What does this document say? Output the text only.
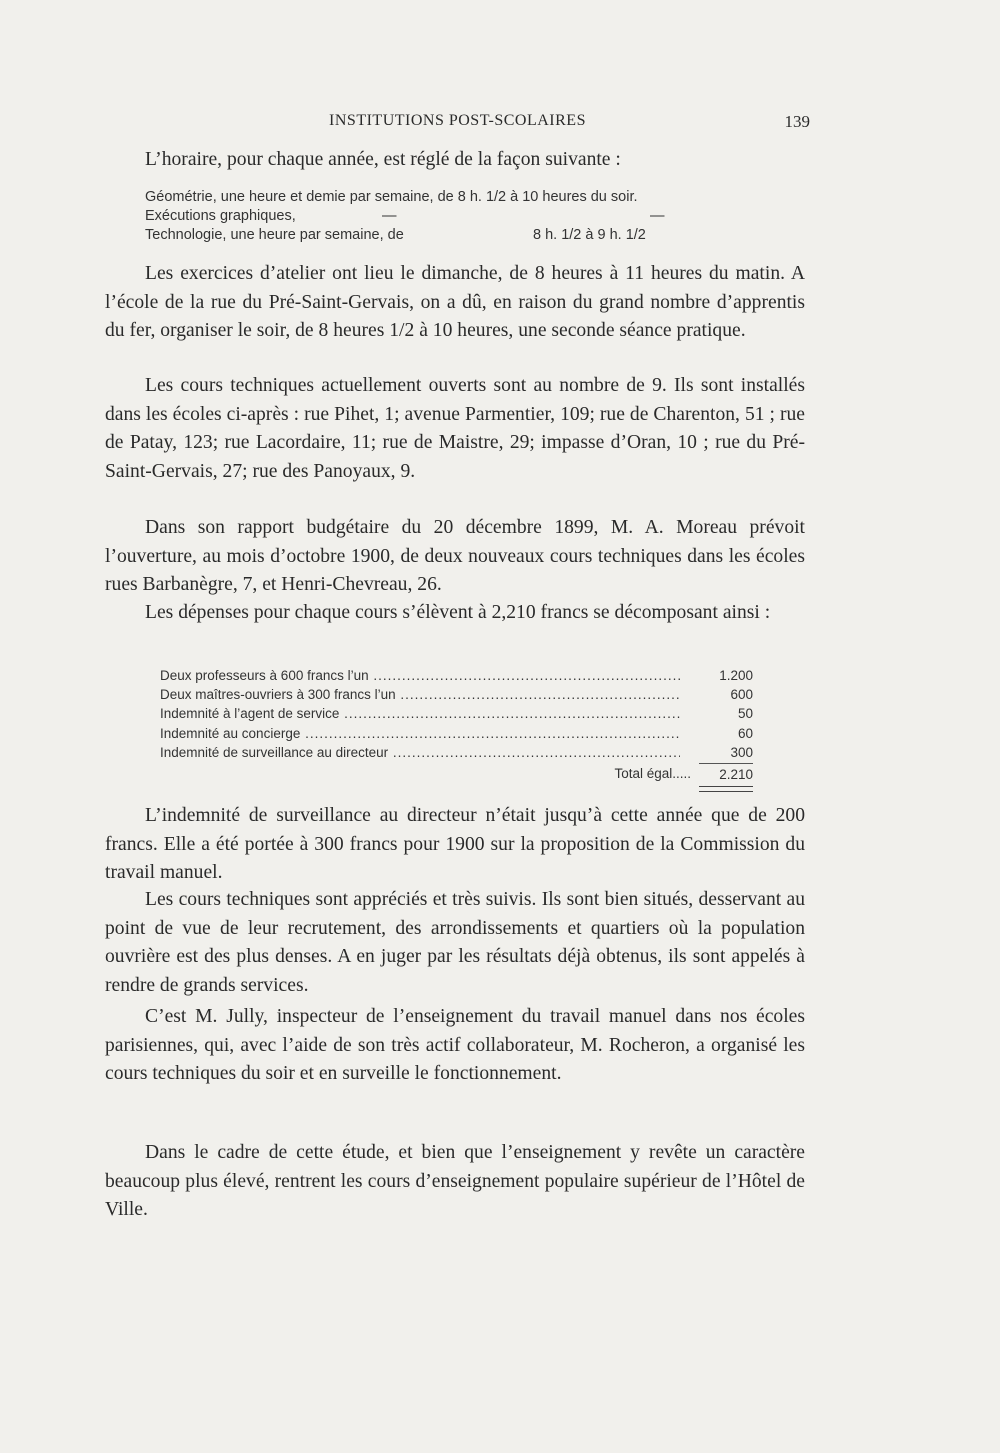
INSTITUTIONS POST-SCOLAIRES	139

L’horaire, pour chaque année, est réglé de la façon suivante :

Géométrie, une heure et demie par semaine, de 8 h. 1/2 à 10 heures du soir.
Exécutions graphiques,	—	—
Technologie, une heure par semaine, de	8 h. 1/2 à 9 h. 1/2

Les exercices d’atelier ont lieu le dimanche, de 8 heures à 11 heures du matin. A l’école de la rue du Pré-Saint-Gervais, on a dû, en raison du grand nombre d’apprentis du fer, organiser le soir, de 8 heures 1/2 à 10 heures, une seconde séance pratique.

Les cours techniques actuellement ouverts sont au nombre de 9. Ils sont installés dans les écoles ci-après : rue Pihet, 1; avenue Parmentier, 109; rue de Charenton, 51 ; rue de Patay, 123; rue Lacordaire, 11; rue de Maistre, 29; impasse d’Oran, 10 ; rue du Pré-Saint-Gervais, 27; rue des Panoyaux, 9.

Dans son rapport budgétaire du 20 décembre 1899, M. A. Moreau prévoit l’ouverture, au mois d’octobre 1900, de deux nouveaux cours techniques dans les écoles rues Barbanègre, 7, et Henri-Chevreau, 26.

Les dépenses pour chaque cours s’élèvent à 2,210 francs se décomposant ainsi :

Deux professeurs à 600 francs l’un .....	1.200
Deux maîtres-ouvriers à 300 francs l’un .....	600
Indemnité à l’agent de service .....	50
Indemnité au concierge .....	60
Indemnité de surveillance au directeur .....	300
Total égal.....	2.210

L’indemnité de surveillance au directeur n’était jusqu’à cette année que de 200 francs. Elle a été portée à 300 francs pour 1900 sur la proposition de la Commission du travail manuel.

Les cours techniques sont appréciés et très suivis. Ils sont bien situés, desservant au point de vue de leur recrutement, des arrondissements et quartiers où la population ouvrière est des plus denses. A en juger par les résultats déjà obtenus, ils sont appelés à rendre de grands services.

C’est M. Jully, inspecteur de l’enseignement du travail manuel dans nos écoles parisiennes, qui, avec l’aide de son très actif collaborateur, M. Rocheron, a organisé les cours techniques du soir et en surveille le fonctionnement.

Dans le cadre de cette étude, et bien que l’enseignement y revête un caractère beaucoup plus élevé, rentrent les cours d’enseignement populaire supérieur de l’Hôtel de Ville.
